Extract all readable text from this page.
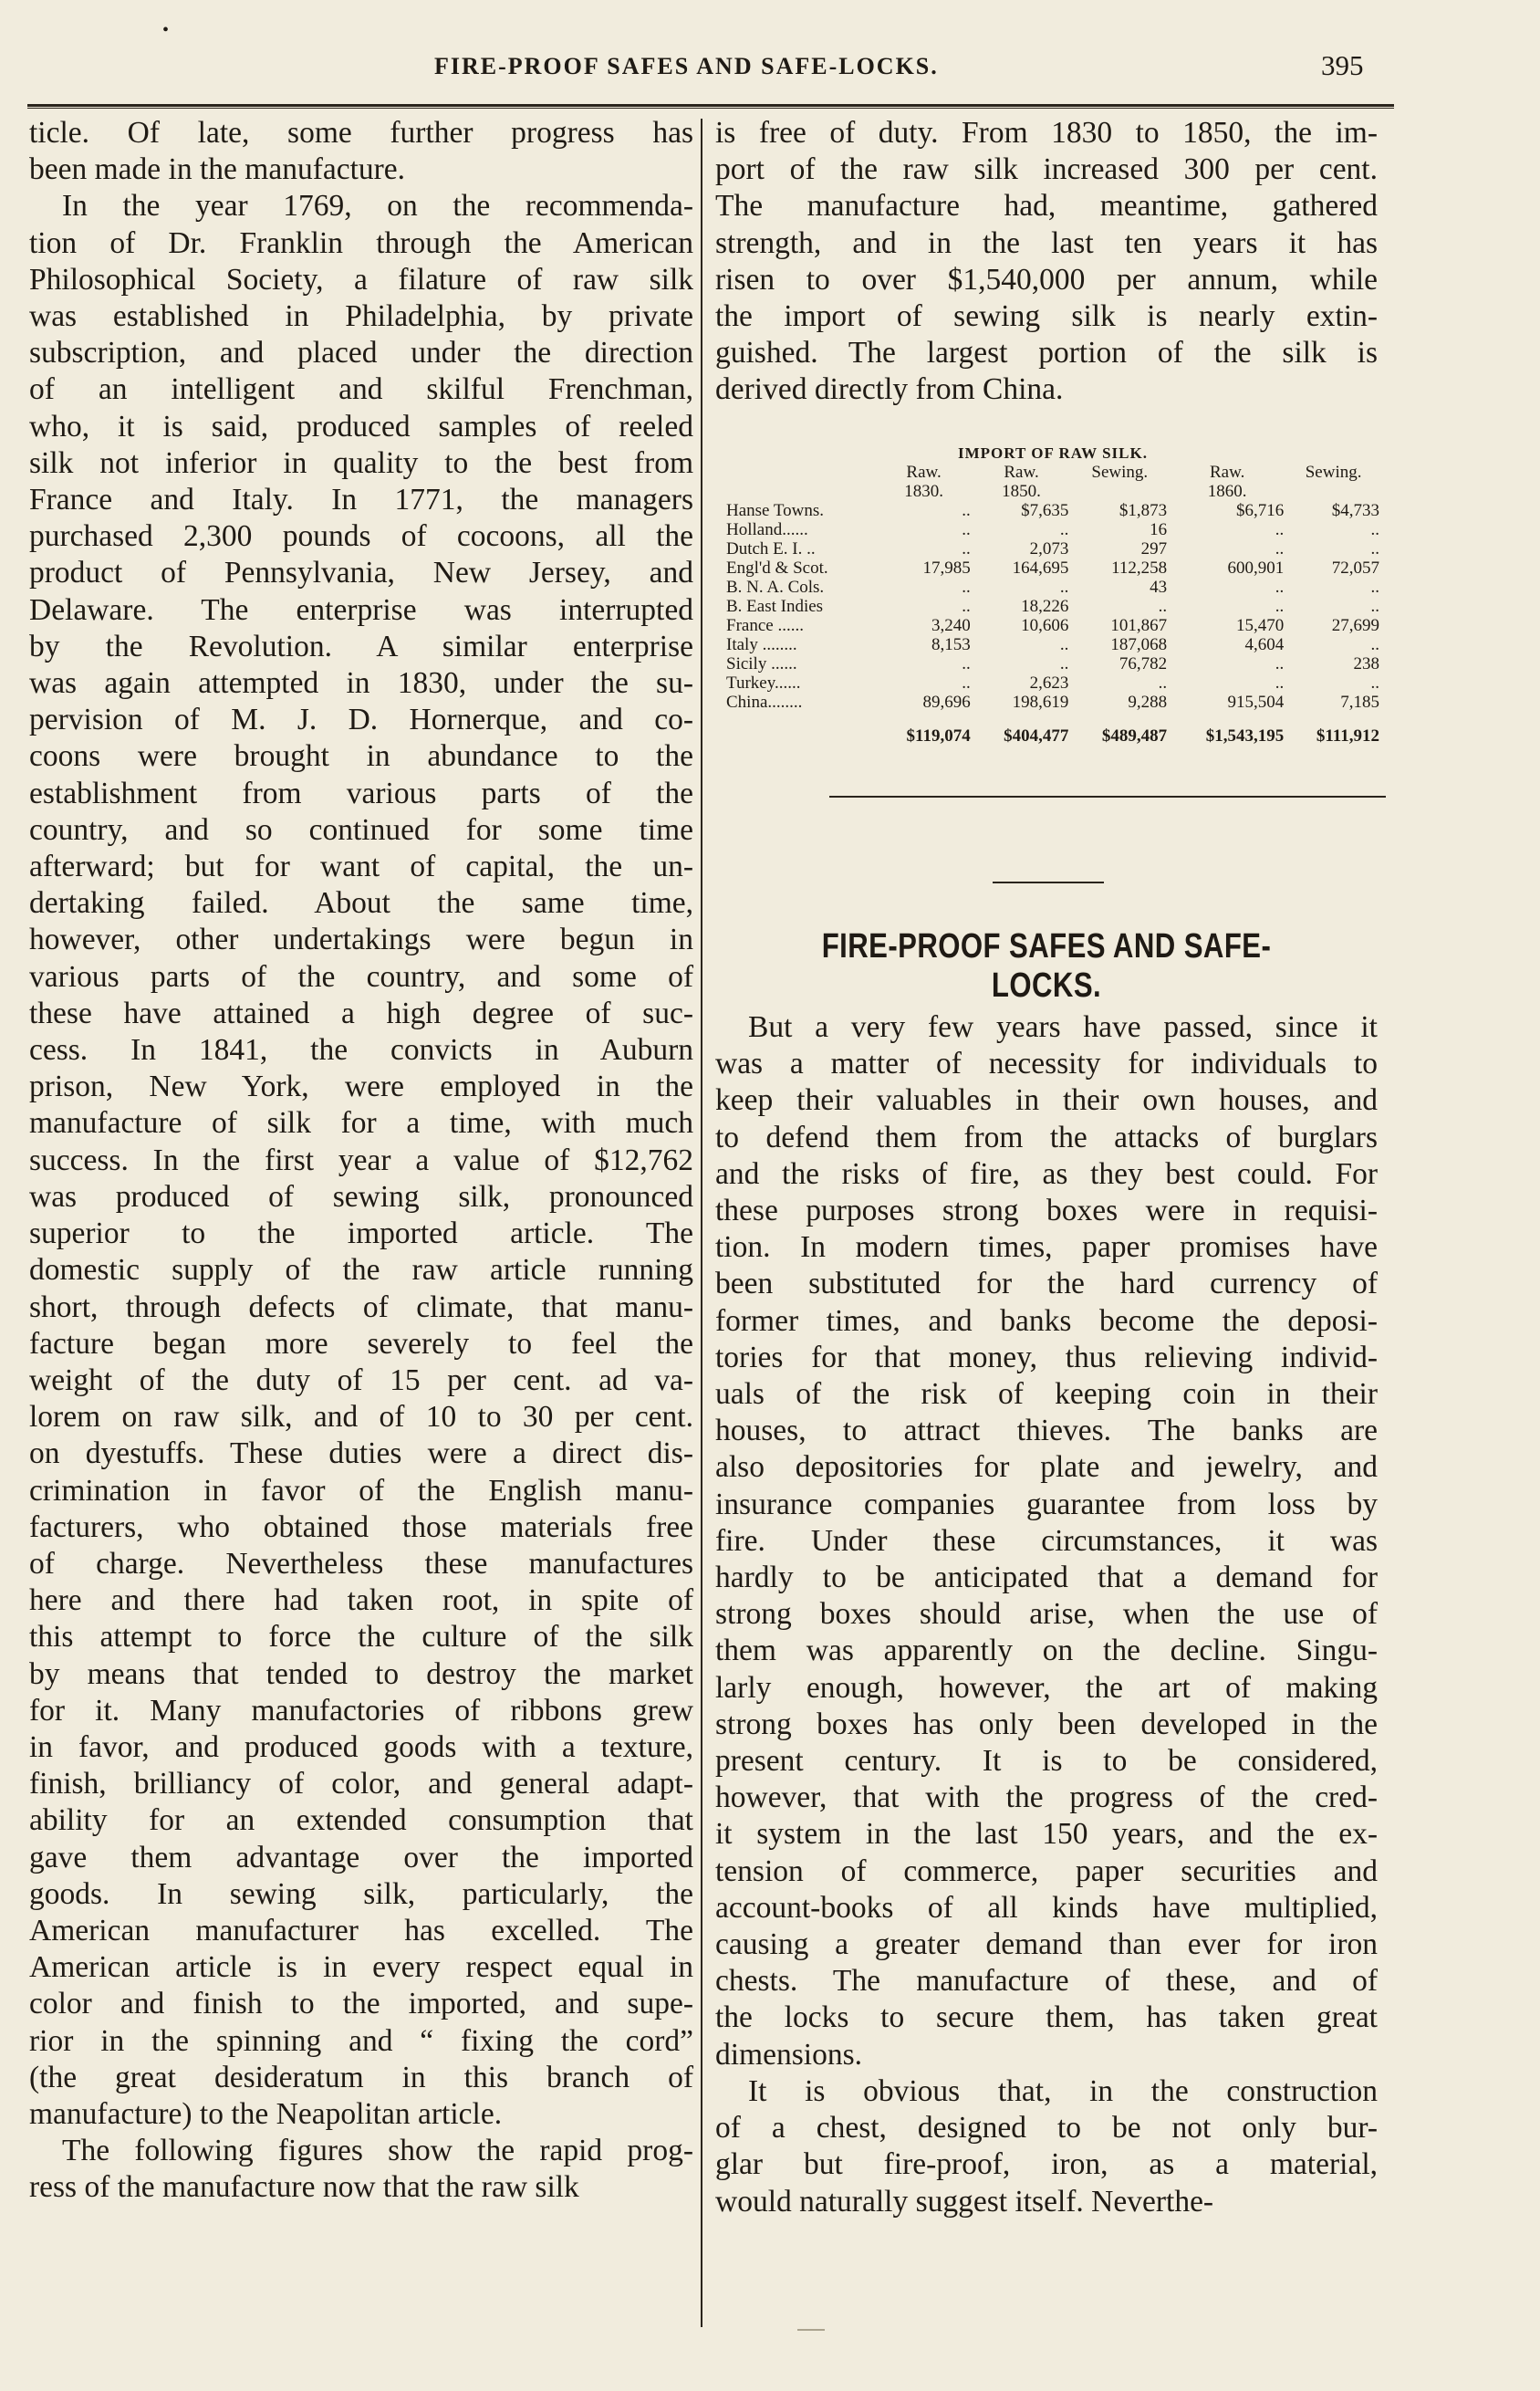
•
FIRE-PROOF SAFES AND SAFE-LOCKS.	395
ticle. Of late, some further progress has
been made in the manufacture.
In the year 1769, on the recommenda-
tion of Dr. Franklin through the American
Philosophical Society, a filature of raw silk
was established in Philadelphia, by private
subscription, and placed under the direction
of an intelligent and skilful Frenchman,
who, it is said, produced samples of reeled
silk not inferior in quality to the best from
France and Italy. In 1771, the managers
purchased 2,300 pounds of cocoons, all the
product of Pennsylvania, New Jersey, and
Delaware. The enterprise was interrupted
by the Revolution. A similar enterprise
was again attempted in 1830, under the su-
pervision of M. J. D. Hornerque, and co-
coons were brought in abundance to the
establishment from various parts of the
country, and so continued for some time
afterward; but for want of capital, the un-
dertaking failed. About the same time,
however, other undertakings were begun in
various parts of the country, and some of
these have attained a high degree of suc-
cess. In 1841, the convicts in Auburn
prison, New York, were employed in the
manufacture of silk for a time, with much
success. In the first year a value of $12,762
was produced of sewing silk, pronounced
superior to the imported article. The
domestic supply of the raw article running
short, through defects of climate, that manu-
facture began more severely to feel the
weight of the duty of 15 per cent. ad va-
lorem on raw silk, and of 10 to 30 per cent.
on dyestuffs. These duties were a direct dis-
crimination in favor of the English manu-
facturers, who obtained those materials free
of charge. Nevertheless these manufactures
here and there had taken root, in spite of
this attempt to force the culture of the silk
by means that tended to destroy the market
for it. Many manufactories of ribbons grew
in favor, and produced goods with a texture,
finish, brilliancy of color, and general adapt-
ability for an extended consumption that
gave them advantage over the imported
goods. In sewing silk, particularly, the
American manufacturer has excelled. The
American article is in every respect equal in
color and finish to the imported, and supe-
rior in the spinning and “ fixing the cord”
(the great desideratum in this branch of
manufacture) to the Neapolitan article.
The following figures show the rapid prog-
ress of the manufacture now that the raw silk
is free of duty. From 1830 to 1850, the im-
port of the raw silk increased 300 per cent.
The manufacture had, meantime, gathered
strength, and in the last ten years it has
risen to over $1,540,000 per annum, while
the import of sewing silk is nearly extin-
guished. The largest portion of the silk is
derived directly from China.
IMPORT OF RAW SILK.
	Raw.	Raw.	Sewing.	Raw.	Sewing.
	1830.	1850.		1860.	
Hanse Towns.	..	$7,635	$1,873	$6,716	$4,733
Holland......	..	..	16	..	..
Dutch E. I. ..	..	2,073	297	..	..
Engl'd & Scot.	17,985	164,695	112,258	600,901	72,057
B. N. A. Cols.	..	..	43	..	..
B. East Indies	..	18,226	..	..	..
France ......	3,240	10,606	101,867	15,470	27,699
Italy ........	8,153	..	187,068	4,604	..
Sicily ......	..	..	76,782	..	238
Turkey......	..	2,623	..	..	..
China........	89,696	198,619	9,288	915,504	7,185
	$119,074	$404,477	$489,487	$1,543,195	$111,912
FIRE-PROOF SAFES AND SAFE-LOCKS.
But a very few years have passed, since it
was a matter of necessity for individuals to
keep their valuables in their own houses, and
to defend them from the attacks of burglars
and the risks of fire, as they best could. For
these purposes strong boxes were in requisi-
tion. In modern times, paper promises have
been substituted for the hard currency of
former times, and banks become the deposi-
tories for that money, thus relieving individ-
uals of the risk of keeping coin in their
houses, to attract thieves. The banks are
also depositories for plate and jewelry, and
insurance companies guarantee from loss by
fire. Under these circumstances, it was
hardly to be anticipated that a demand for
strong boxes should arise, when the use of
them was apparently on the decline. Singu-
larly enough, however, the art of making
strong boxes has only been developed in the
present century. It is to be considered,
however, that with the progress of the cred-
it system in the last 150 years, and the ex-
tension of commerce, paper securities and
account-books of all kinds have multiplied,
causing a greater demand than ever for iron
chests. The manufacture of these, and of
the locks to secure them, has taken great
dimensions.
It is obvious that, in the construction
of a chest, designed to be not only bur-
glar but fire-proof, iron, as a material,
would naturally suggest itself. Neverthe-
